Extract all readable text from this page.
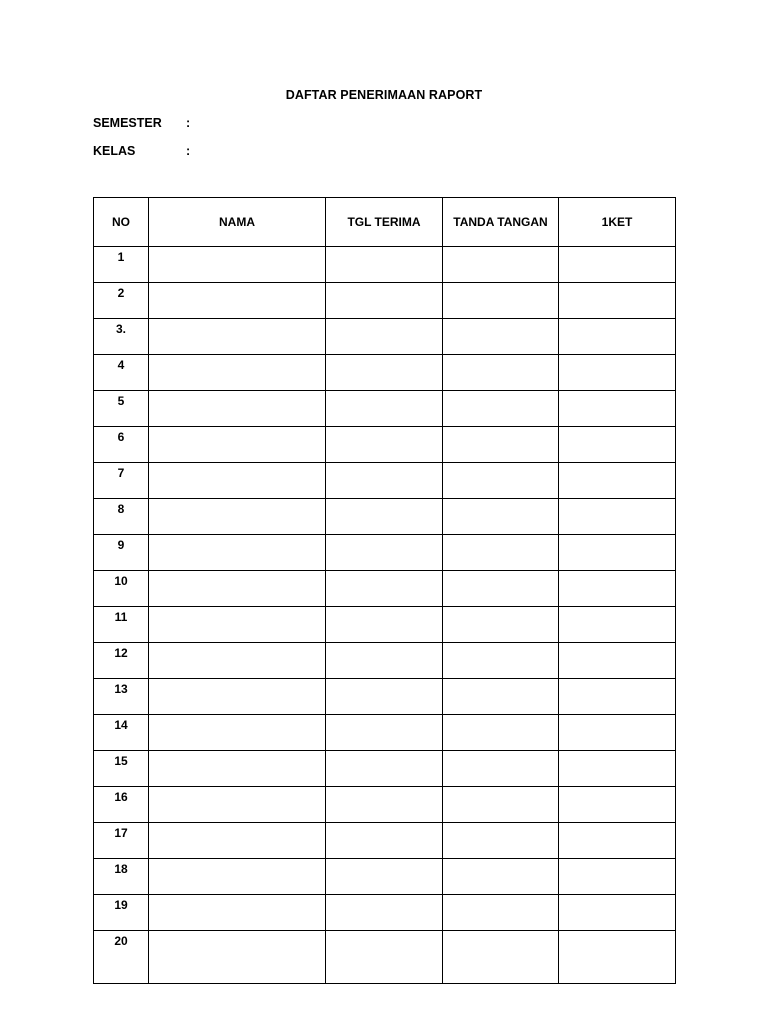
DAFTAR PENERIMAAN RAPORT
SEMESTER :
KELAS	:
NO	NAMA	TGL TERIMA	TANDA TANGAN	1KET
1				
2				
3.				
4				
5				
6				
7				
8				
9				
10				
11				
12				
13				
14				
15				
16				
17				
18				
19				
20				
